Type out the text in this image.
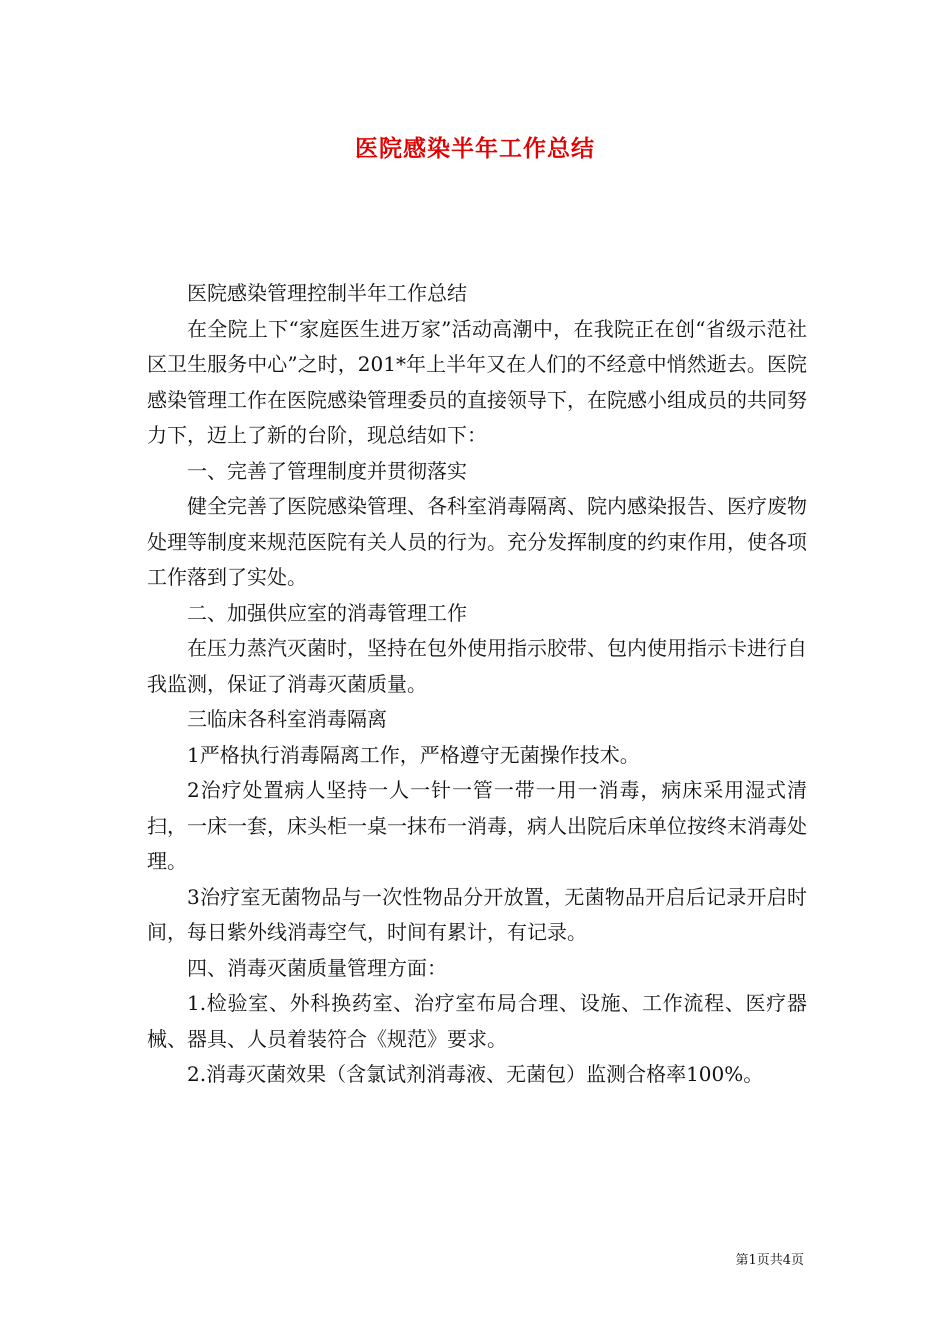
医院感染半年工作总结

医院感染管理控制半年工作总结

在全院上下“家庭医生进万家”活动高潮中，在我院正在创“省级示范社区卫生服务中心”之时，201*年上半年又在人们的不经意中悄然逝去。医院感染管理工作在医院感染管理委员的直接领导下，在院感小组成员的共同努力下，迈上了新的台阶，现总结如下：

一、完善了管理制度并贯彻落实

健全完善了医院感染管理、各科室消毒隔离、院内感染报告、医疗废物处理等制度来规范医院有关人员的行为。充分发挥制度的约束作用，使各项工作落到了实处。

二、加强供应室的消毒管理工作

在压力蒸汽灭菌时，坚持在包外使用指示胶带、包内使用指示卡进行自我监测，保证了消毒灭菌质量。

三临床各科室消毒隔离

1严格执行消毒隔离工作，严格遵守无菌操作技术。

2治疗处置病人坚持一人一针一管一带一用一消毒，病床采用湿式清扫，一床一套，床头柜一桌一抹布一消毒，病人出院后床单位按终末消毒处理。

3治疗室无菌物品与一次性物品分开放置，无菌物品开启后记录开启时间，每日紫外线消毒空气，时间有累计，有记录。

四、消毒灭菌质量管理方面：

1.检验室、外科换药室、治疗室布局合理、设施、工作流程、医疗器械、器具、人员着装符合《规范》要求。

2.消毒灭菌效果（含氯试剂消毒液、无菌包）监测合格率100%。

第1页共4页
